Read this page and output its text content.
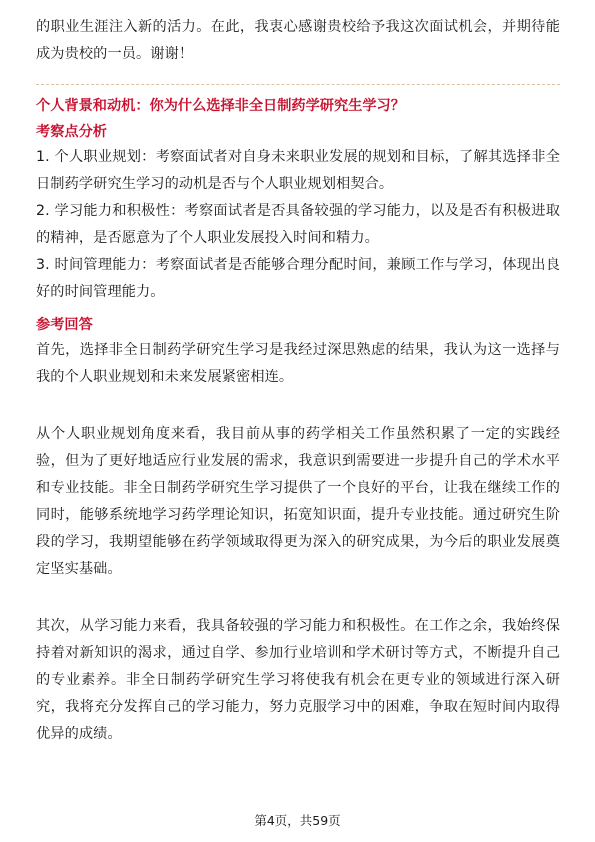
的职业生涯注入新的活力。在此，我衷心感谢贵校给予我这次面试机会，并期待能成为贵校的一员。谢谢！

个人背景和动机：你为什么选择非全日制药学研究生学习？

考察点分析

1. 个人职业规划：考察面试者对自身未来职业发展的规划和目标，了解其选择非全日制药学研究生学习的动机是否与个人职业规划相契合。

2. 学习能力和积极性：考察面试者是否具备较强的学习能力，以及是否有积极进取的精神，是否愿意为了个人职业发展投入时间和精力。

3. 时间管理能力：考察面试者是否能够合理分配时间，兼顾工作与学习，体现出良好的时间管理能力。

参考回答

首先，选择非全日制药学研究生学习是我经过深思熟虑的结果，我认为这一选择与我的个人职业规划和未来发展紧密相连。

从个人职业规划角度来看，我目前从事的药学相关工作虽然积累了一定的实践经验，但为了更好地适应行业发展的需求，我意识到需要进一步提升自己的学术水平和专业技能。非全日制药学研究生学习提供了一个良好的平台，让我在继续工作的同时，能够系统地学习药学理论知识，拓宽知识面，提升专业技能。通过研究生阶段的学习，我期望能够在药学领域取得更为深入的研究成果，为今后的职业发展奠定坚实基础。

其次，从学习能力来看，我具备较强的学习能力和积极性。在工作之余，我始终保持着对新知识的渴求，通过自学、参加行业培训和学术研讨等方式，不断提升自己的专业素养。非全日制药学研究生学习将使我有机会在更专业的领域进行深入研究，我将充分发挥自己的学习能力，努力克服学习中的困难，争取在短时间内取得优异的成绩。

第4页，共59页
